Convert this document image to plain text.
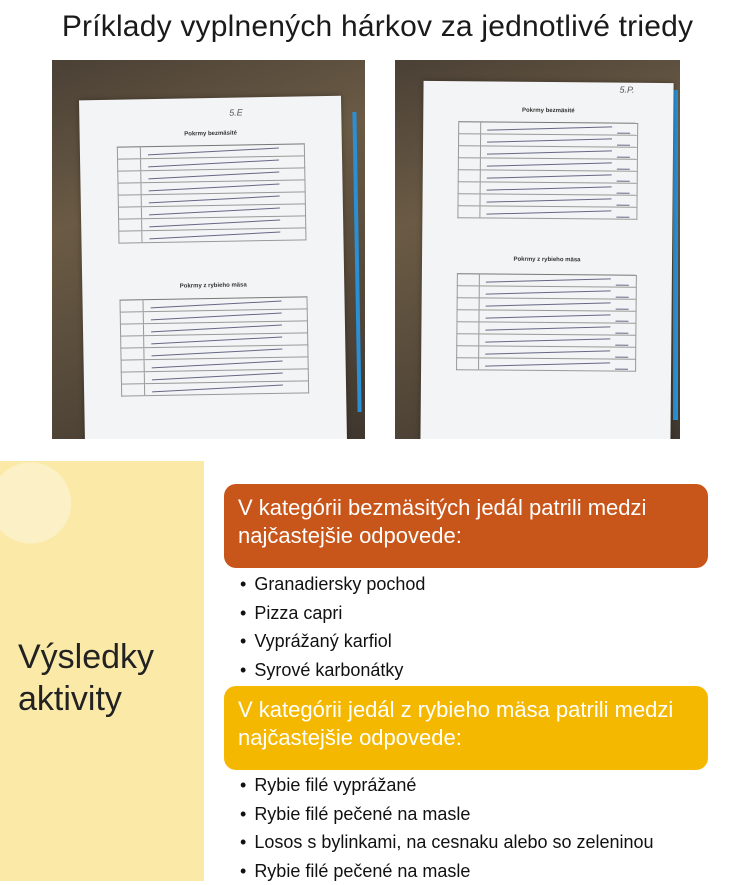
Príklady vyplnených hárkov za jednotlivé triedy
5.E
Pokrmy bezmäsité
Pokrmy z rybieho mäsa
5.P.
Pokrmy bezmäsité
Pokrmy z rybieho mäsa
Výsledky
aktivity
V kategórii bezmäsitých jedál patrili medzi najčastejšie odpovede:
• Granadiersky pochod
• Pizza capri
• Vyprážaný karfiol
• Syrové karbonátky
V kategórii jedál z rybieho mäsa patrili medzi najčastejšie odpovede:
• Rybie filé vyprážané
• Rybie filé pečené na masle
• Losos s bylinkami, na cesnaku alebo so zeleninou
• Rybie filé pečené na masle
